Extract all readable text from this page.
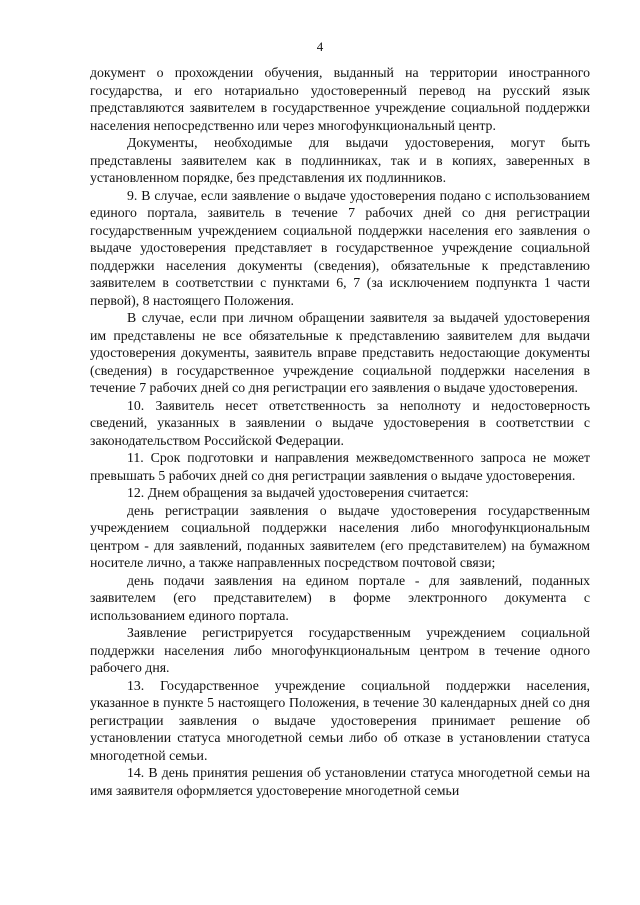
4

документ о прохождении обучения, выданный на территории иностранного государства, и его нотариально удостоверенный перевод на русский язык представляются заявителем в государственное учреждение социальной поддержки населения непосредственно или через многофункциональный центр.

Документы, необходимые для выдачи удостоверения, могут быть представлены заявителем как в подлинниках, так и в копиях, заверенных в установленном порядке, без представления их подлинников.

9. В случае, если заявление о выдаче удостоверения подано с использованием единого портала, заявитель в течение 7 рабочих дней со дня регистрации государственным учреждением социальной поддержки населения его заявления о выдаче удостоверения представляет в государственное учреждение социальной поддержки населения документы (сведения), обязательные к представлению заявителем в соответствии с пунктами 6, 7 (за исключением подпункта 1 части первой), 8 настоящего Положения.

В случае, если при личном обращении заявителя за выдачей удостоверения им представлены не все обязательные к представлению заявителем для выдачи удостоверения документы, заявитель вправе представить недостающие документы (сведения) в государственное учреждение социальной поддержки населения в течение 7 рабочих дней со дня регистрации его заявления о выдаче удостоверения.

10. Заявитель несет ответственность за неполноту и недостоверность сведений, указанных в заявлении о выдаче удостоверения в соответствии с законодательством Российской Федерации.

11. Срок подготовки и направления межведомственного запроса не может превышать 5 рабочих дней со дня регистрации заявления о выдаче удостоверения.

12. Днем обращения за выдачей удостоверения считается:

день регистрации заявления о выдаче удостоверения государственным учреждением социальной поддержки населения либо многофункциональным центром - для заявлений, поданных заявителем (его представителем) на бумажном носителе лично, а также направленных посредством почтовой связи;

день подачи заявления на едином портале - для заявлений, поданных заявителем (его представителем) в форме электронного документа с использованием единого портала.

Заявление регистрируется государственным учреждением социальной поддержки населения либо многофункциональным центром в течение одного рабочего дня.

13. Государственное учреждение социальной поддержки населения, указанное в пункте 5 настоящего Положения, в течение 30 календарных дней со дня регистрации заявления о выдаче удостоверения принимает решение об установлении статуса многодетной семьи либо об отказе в установлении статуса многодетной семьи.

14. В день принятия решения об установлении статуса многодетной семьи на имя заявителя оформляется удостоверение многодетной семьи
